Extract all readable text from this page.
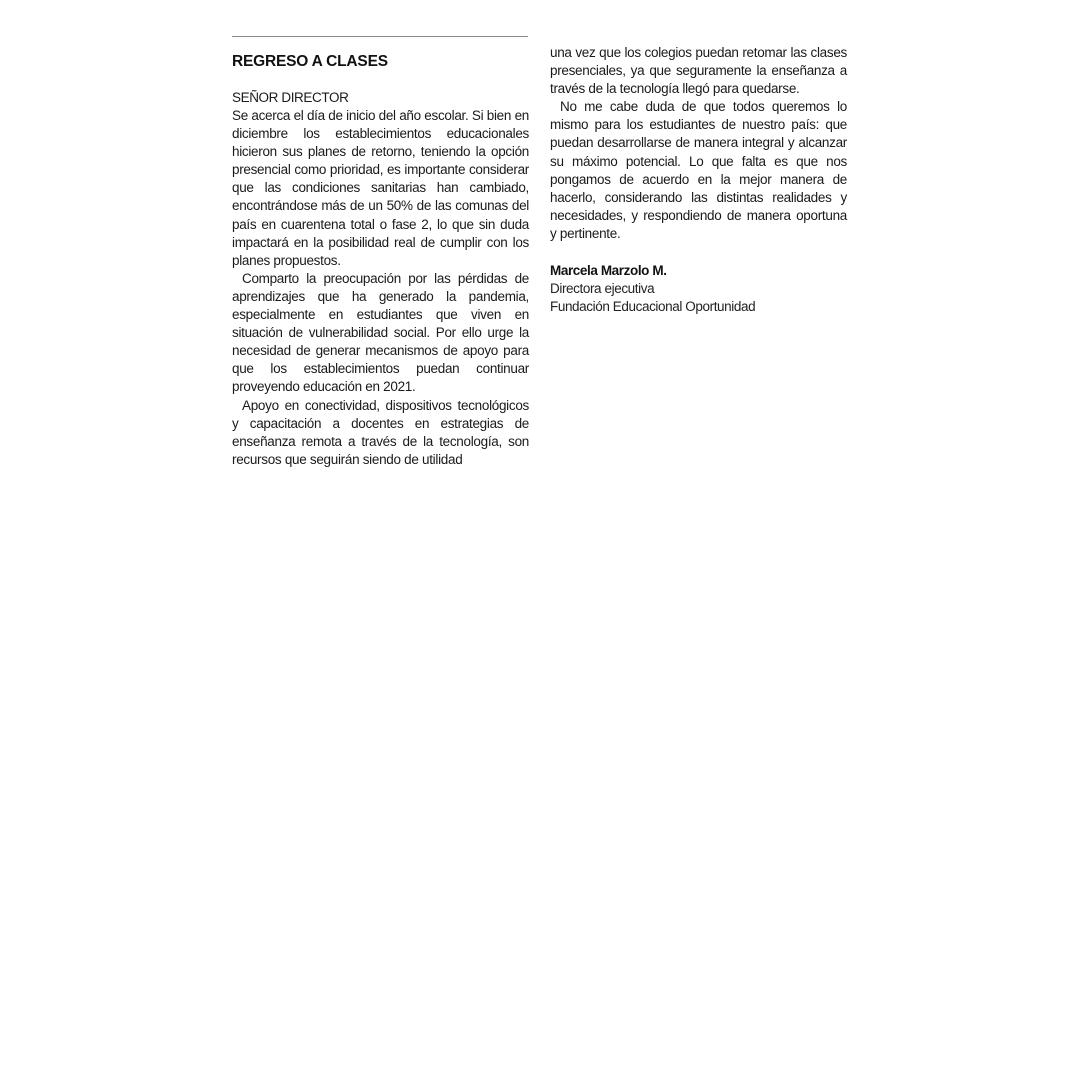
REGRESO A CLASES

SEÑOR DIRECTOR

Se acerca el día de inicio del año escolar. Si bien en diciembre los establecimientos educacionales hicieron sus planes de retorno, teniendo la opción presencial como prioridad, es importante considerar que las condiciones sanitarias han cambiado, encontrándose más de un 50% de las comunas del país en cuarentena total o fase 2, lo que sin duda impactará en la posibilidad real de cumplir con los planes propuestos.

Comparto la preocupación por las pérdidas de aprendizajes que ha generado la pandemia, especialmente en estudiantes que viven en situación de vulnerabilidad social. Por ello urge la necesidad de generar mecanismos de apoyo para que los establecimientos puedan continuar proveyendo educación en 2021.

Apoyo en conectividad, dispositivos tecnológicos y capacitación a docentes en estrategias de enseñanza remota a través de la tecnología, son recursos que seguirán siendo de utilidad

una vez que los colegios puedan retomar las clases presenciales, ya que seguramente la enseñanza a través de la tecnología llegó para quedarse.

No me cabe duda de que todos queremos lo mismo para los estudiantes de nuestro país: que puedan desarrollarse de manera integral y alcanzar su máximo potencial. Lo que falta es que nos pongamos de acuerdo en la mejor manera de hacerlo, considerando las distintas realidades y necesidades, y respondiendo de manera oportuna y pertinente.

Marcela Marzolo M.

Directora ejecutiva

Fundación Educacional Oportunidad
